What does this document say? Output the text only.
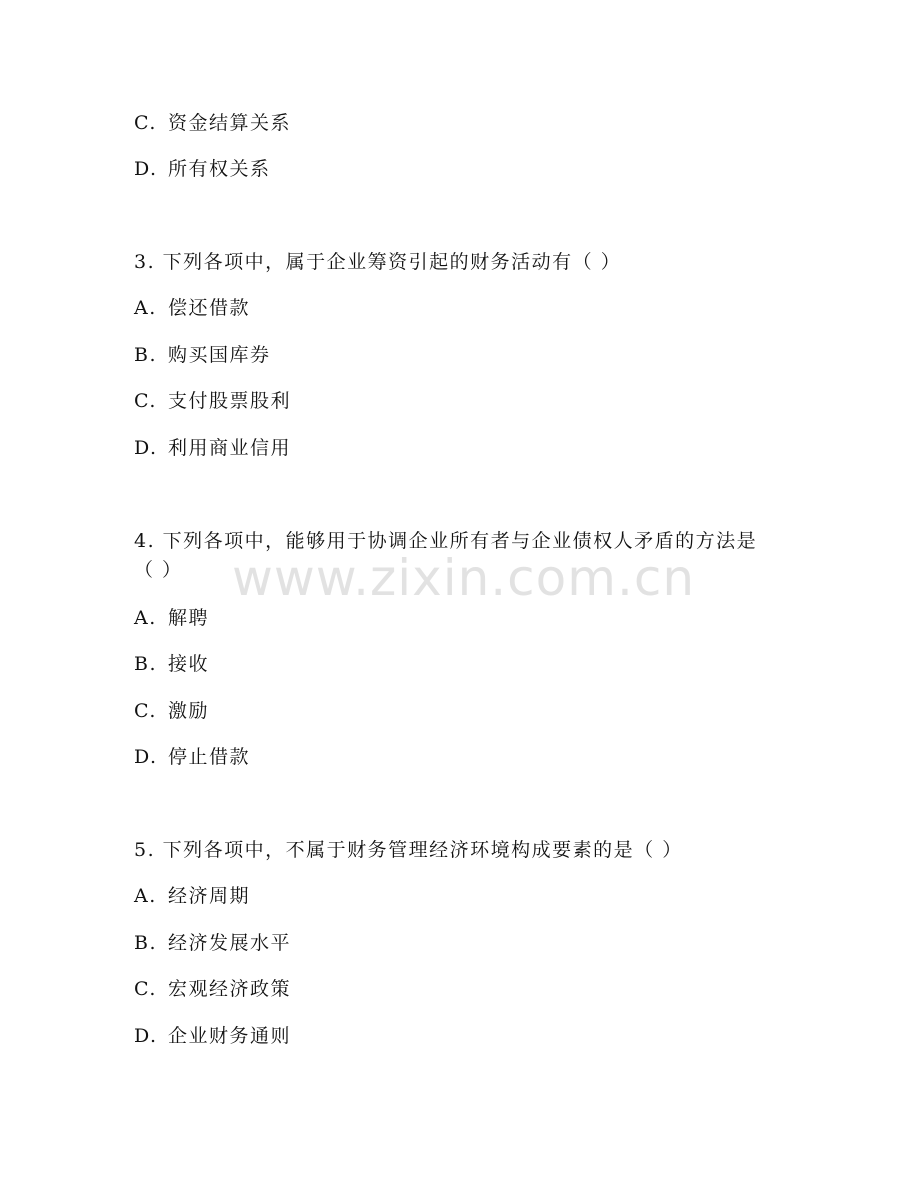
www.zixin.com.cn
C. 资金结算关系
D. 所有权关系
3. 下列各项中，属于企业筹资引起的财务活动有（ ）
A. 偿还借款
B. 购买国库券
C. 支付股票股利
D. 利用商业信用
4. 下列各项中，能够用于协调企业所有者与企业债权人矛盾的方法是
（ ）
A. 解聘
B. 接收
C. 激励
D. 停止借款
5. 下列各项中，不属于财务管理经济环境构成要素的是（ ）
A. 经济周期
B. 经济发展水平
C. 宏观经济政策
D. 企业财务通则
